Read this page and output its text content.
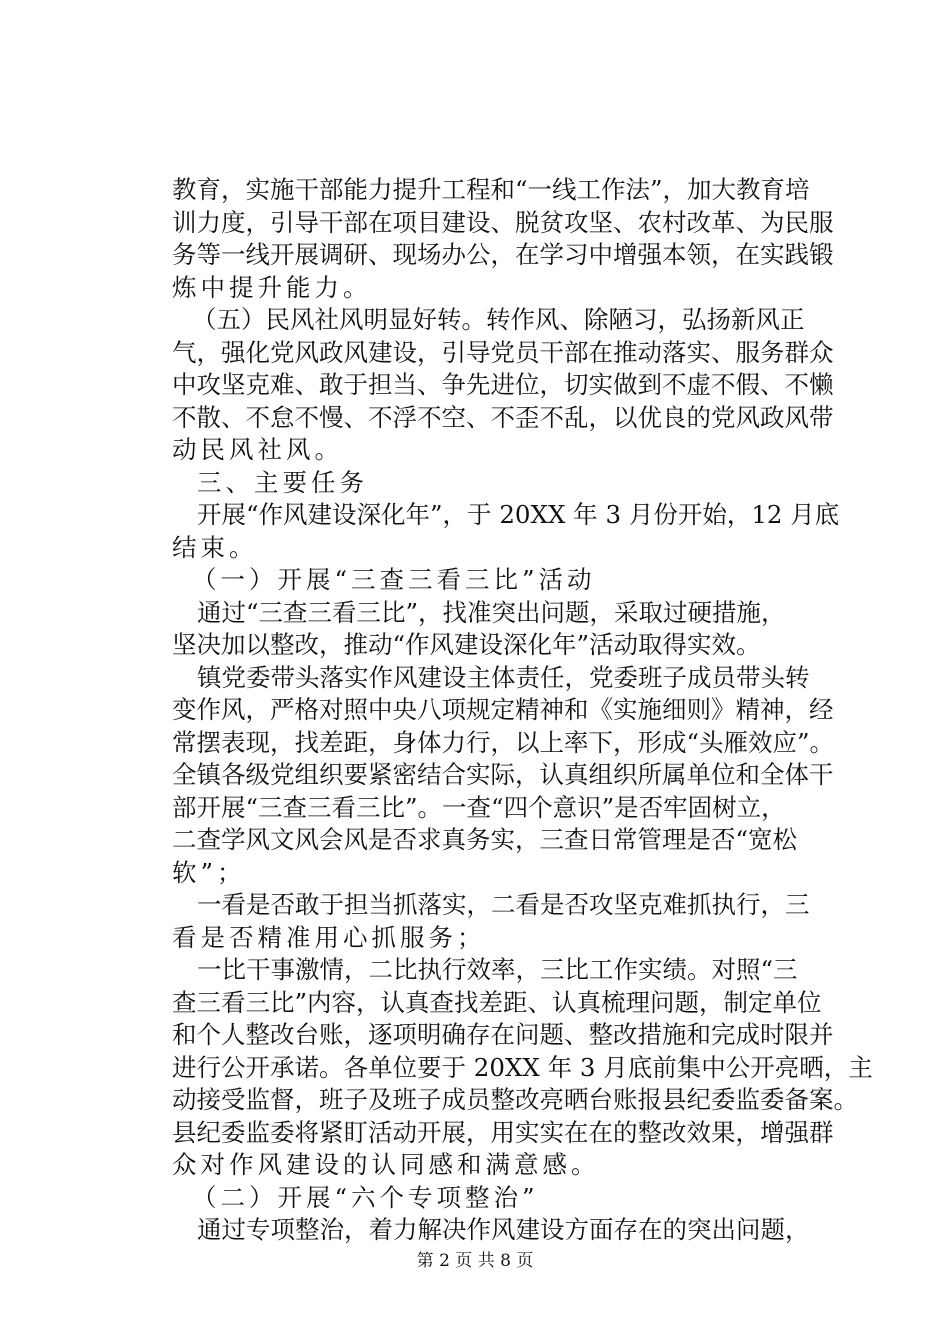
教育，实施干部能力提升工程和“一线工作法”，加大教育培
训力度，引导干部在项目建设、脱贫攻坚、农村改革、为民服
务等一线开展调研、现场办公，在学习中增强本领，在实践锻
炼中提升能力。
（五）民风社风明显好转。转作风、除陋习，弘扬新风正
气，强化党风政风建设，引导党员干部在推动落实、服务群众
中攻坚克难、敢于担当、争先进位，切实做到不虚不假、不懒
不散、不怠不慢、不浮不空、不歪不乱，以优良的党风政风带
动民风社风。
三、主要任务
开展“作风建设深化年”，于 20XX 年 3 月份开始，12 月底
结束。
（一）开展“三查三看三比”活动
通过“三查三看三比”，找准突出问题，采取过硬措施，
坚决加以整改，推动“作风建设深化年”活动取得实效。
镇党委带头落实作风建设主体责任，党委班子成员带头转
变作风，严格对照中央八项规定精神和《实施细则》精神，经
常摆表现，找差距，身体力行，以上率下，形成“头雁效应”。
全镇各级党组织要紧密结合实际，认真组织所属单位和全体干
部开展“三查三看三比”。一查“四个意识”是否牢固树立，
二查学风文风会风是否求真务实，三查日常管理是否“宽松
软”；
一看是否敢于担当抓落实，二看是否攻坚克难抓执行，三
看是否精准用心抓服务；
一比干事激情，二比执行效率，三比工作实绩。对照“三
查三看三比”内容，认真查找差距、认真梳理问题，制定单位
和个人整改台账，逐项明确存在问题、整改措施和完成时限并
进行公开承诺。各单位要于 20XX 年 3 月底前集中公开亮晒，主
动接受监督，班子及班子成员整改亮晒台账报县纪委监委备案。
县纪委监委将紧盯活动开展，用实实在在的整改效果，增强群
众对作风建设的认同感和满意感。
（二）开展“六个专项整治”
通过专项整治，着力解决作风建设方面存在的突出问题，
第 2 页 共 8 页
